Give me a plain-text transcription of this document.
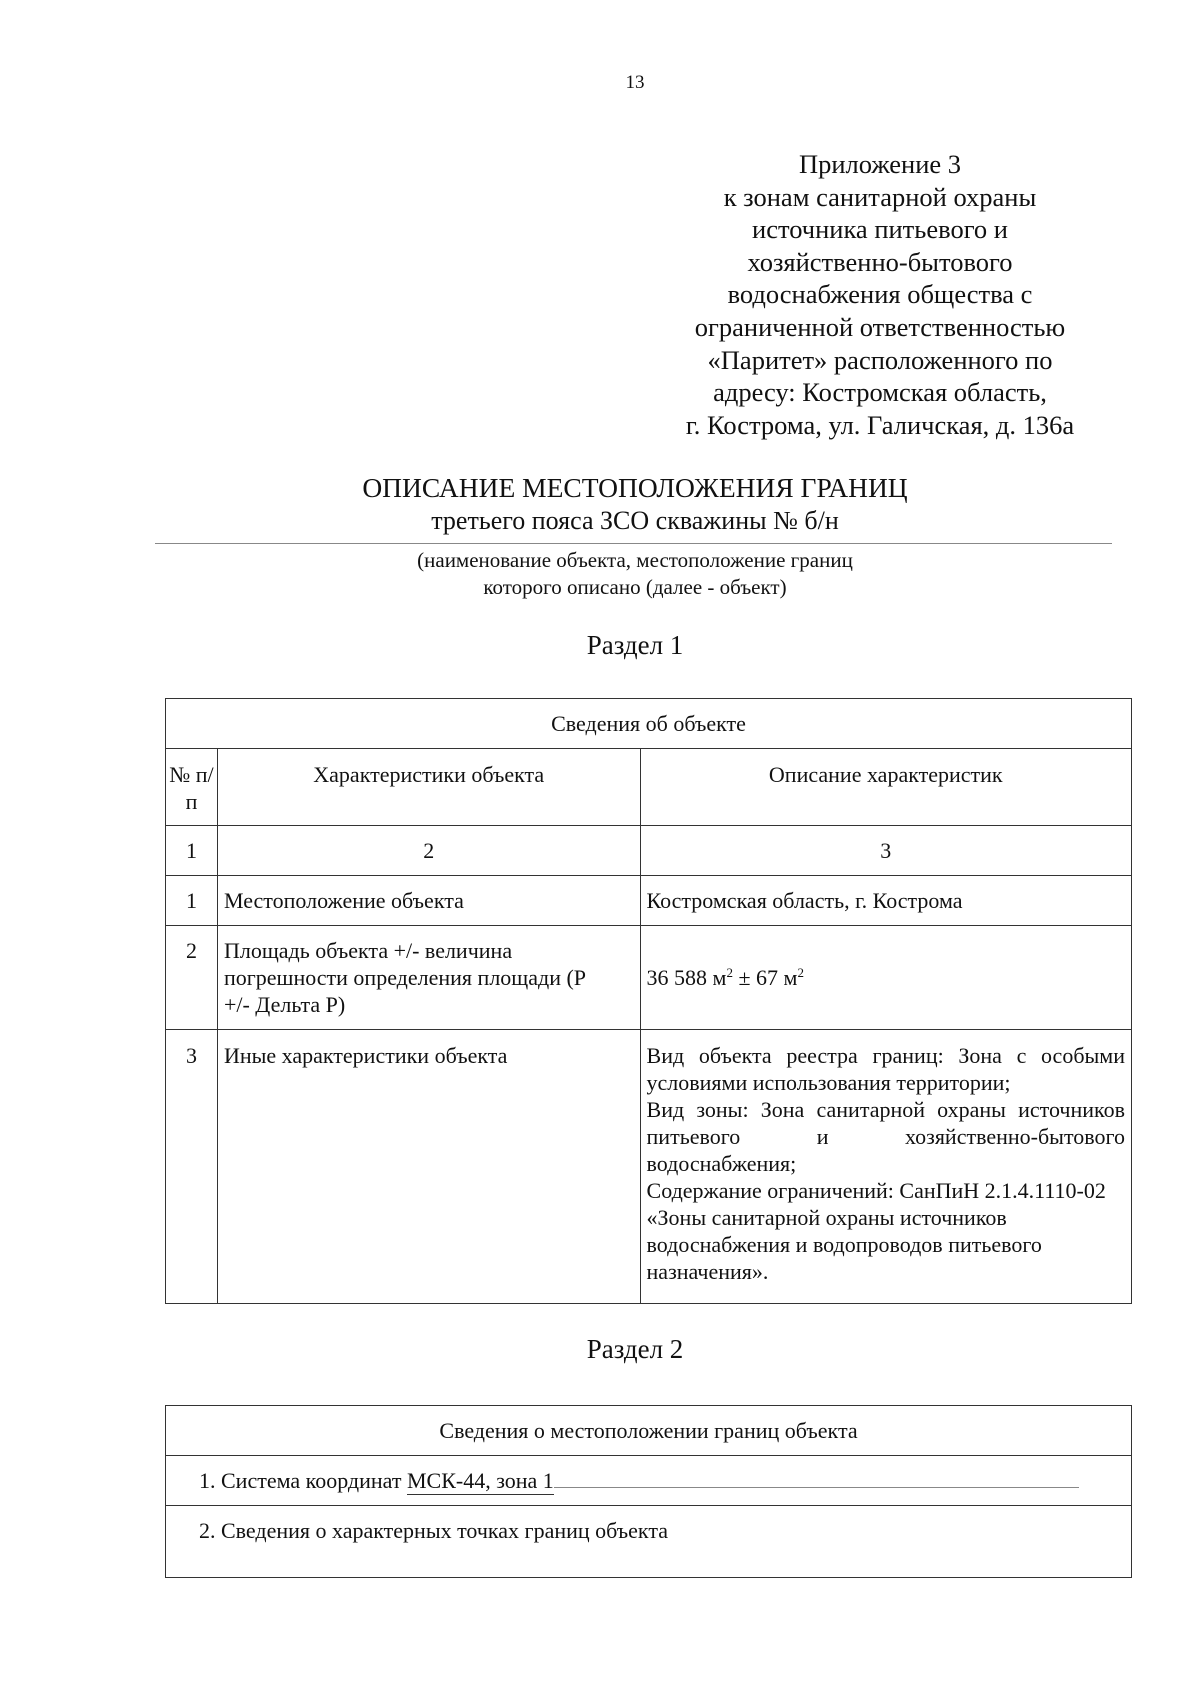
13
Приложение 3
к зонам санитарной охраны
источника питьевого и
хозяйственно-бытового
водоснабжения общества с
ограниченной ответственностью
«Паритет» расположенного по
адресу: Костромская область,
г. Кострома, ул. Галичская, д. 136а
ОПИСАНИЕ МЕСТОПОЛОЖЕНИЯ ГРАНИЦ
третьего пояса ЗСО скважины № б/н
(наименование объекта, местоположение границ
которого описано (далее - объект)
Раздел 1
Сведения об объекте		
№ п/п	Характеристики объекта	Описание характеристик
1	2	3
1	Местоположение объекта	Костромская область, г. Кострома
2	Площадь объекта +/- величина погрешности определения площади (Р +/- Дельта Р)	36 588 $м^2 \pm 67$ $м^2$
3	Иные характеристики объекта	Вид объекта реестра границ: Зона с особыми условиями использования территории;
Вид зоны: Зона санитарной охраны источников питьевого и хозяйственно-бытового водоснабжения;
Содержание ограничений: СанПиН 2.1.4.1110-02 «Зоны санитарной охраны источников водоснабжения и водопроводов питьевого назначения».
Раздел 2
Сведения о местоположении границ объекта
1. Система координат МСК-44, зона 1
2. Сведения о характерных точках границ объекта
